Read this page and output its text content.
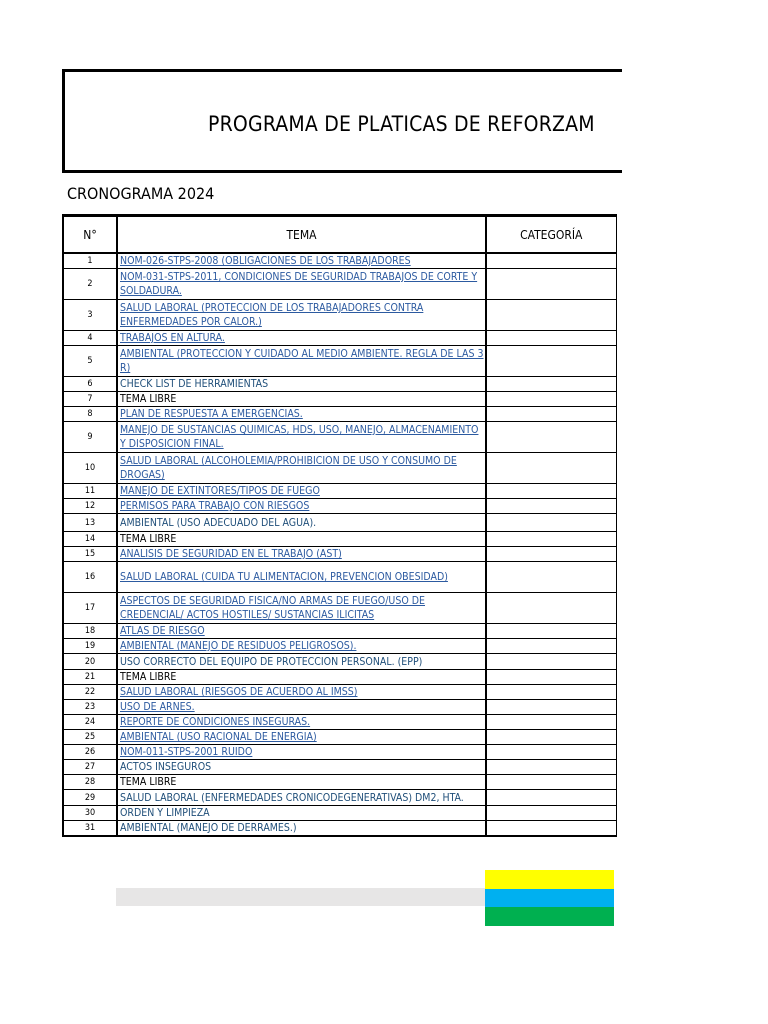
PROGRAMA DE PLATICAS DE REFORZAM
CRONOGRAMA 2024
N°	TEMA	CATEGORÍA
1	NOM-026-STPS-2008 (OBLIGACIONES DE LOS TRABAJADORES	
2	NOM-031-STPS-2011, CONDICIONES DE SEGURIDAD TRABAJOS DE CORTE Y SOLDADURA.	
3	SALUD LABORAL (PROTECCION DE LOS TRABAJADORES CONTRA ENFERMEDADES POR CALOR.)	
4	TRABAJOS EN ALTURA.	
5	AMBIENTAL (PROTECCION Y CUIDADO AL MEDIO AMBIENTE. REGLA DE LAS 3 R)	
6	CHECK LIST DE HERRAMIENTAS	
7	TEMA LIBRE	
8	PLAN DE RESPUESTA A EMERGENCIAS.	
9	MANEJO DE SUSTANCIAS QUIMICAS, HDS, USO, MANEJO, ALMACENAMIENTO Y DISPOSICION FINAL.	
10	SALUD LABORAL (ALCOHOLEMIA/PROHIBICION DE USO Y CONSUMO DE DROGAS)	
11	MANEJO DE EXTINTORES/TIPOS DE FUEGO	
12	PERMISOS PARA TRABAJO CON RIESGOS	
13	AMBIENTAL (USO ADECUADO DEL AGUA).	
14	TEMA LIBRE	
15	ANALISIS DE SEGURIDAD EN EL TRABAJO (AST)	
16	SALUD LABORAL (CUIDA TU ALIMENTACION, PREVENCION OBESIDAD)	
17	ASPECTOS DE SEGURIDAD FISICA/NO ARMAS DE FUEGO/USO DE CREDENCIAL/ ACTOS HOSTILES/ SUSTANCIAS ILICITAS	
18	ATLAS DE RIESGO	
19	AMBIENTAL (MANEJO DE RESIDUOS PELIGROSOS).	
20	USO CORRECTO DEL EQUIPO DE PROTECCION PERSONAL. (EPP)	
21	TEMA LIBRE	
22	SALUD LABORAL (RIESGOS DE ACUERDO AL IMSS)	
23	USO DE ARNES.	
24	REPORTE DE CONDICIONES INSEGURAS.	
25	AMBIENTAL (USO RACIONAL DE ENERGIA)	
26	NOM-011-STPS-2001 RUIDO	
27	ACTOS INSEGUROS	
28	TEMA LIBRE	
29	SALUD LABORAL (ENFERMEDADES CRONICODEGENERATIVAS) DM2, HTA.	
30	ORDEN Y LIMPIEZA	
31	AMBIENTAL (MANEJO DE DERRAMES.)	
